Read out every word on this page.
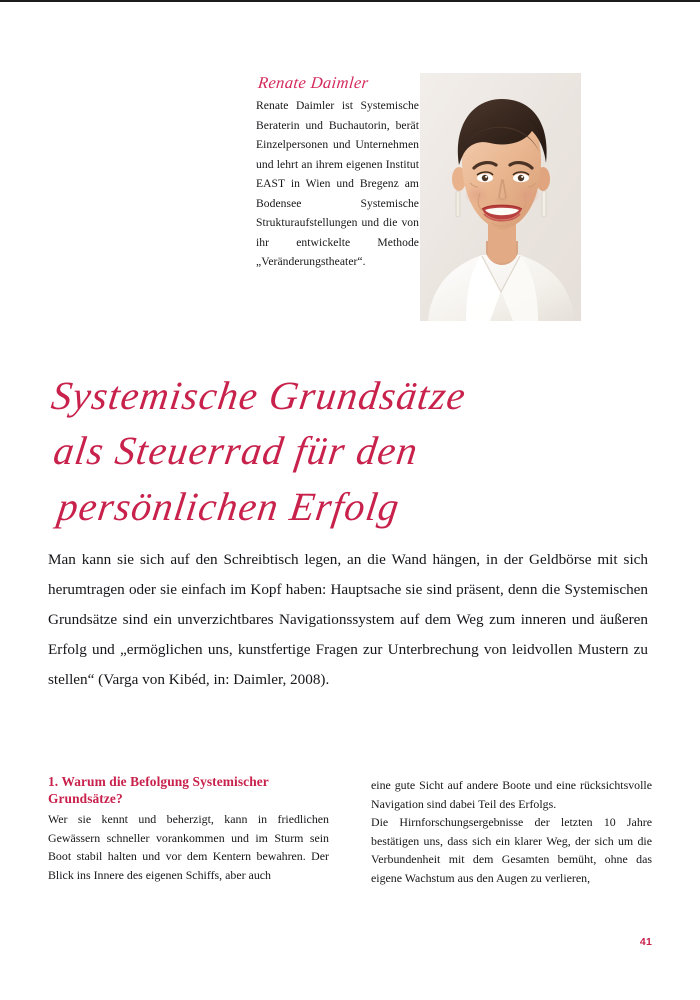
Renate Daimler

Renate Daimler ist Systemische Beraterin und Buchautorin, berät Einzelpersonen und Unternehmen und lehrt an ihrem eigenen Institut EAST in Wien und Bregenz am Bodensee Systemische Strukturaufstellungen und die von ihr entwickelte Methode „Veränderungstheater“.

Systemische Grundsätze
als Steuerrad für den
persönlichen Erfolg

Man kann sie sich auf den Schreibtisch legen, an die Wand hängen, in der Geldbörse mit sich herumtragen oder sie einfach im Kopf haben: Hauptsache sie sind präsent, denn die Systemischen Grundsätze sind ein unverzichtbares Navigationssystem auf dem Weg zum inneren und äußeren Erfolg und „ermöglichen uns, kunstfertige Fragen zur Unterbrechung von leidvollen Mustern zu stellen“ (Varga von Kibéd, in: Daimler, 2008).

1. Warum die Befolgung Systemischer Grundsätze?

Wer sie kennt und beherzigt, kann in friedlichen Gewässern schneller vorankommen und im Sturm sein Boot stabil halten und vor dem Kentern bewahren. Der Blick ins Innere des eigenen Schiffs, aber auch

eine gute Sicht auf andere Boote und eine rücksichtsvolle Navigation sind dabei Teil des Erfolgs.

Die Hirnforschungsergebnisse der letzten 10 Jahre bestätigen uns, dass sich ein klarer Weg, der sich um die Verbundenheit mit dem Gesamten bemüht, ohne das eigene Wachstum aus den Augen zu verlieren,

41
